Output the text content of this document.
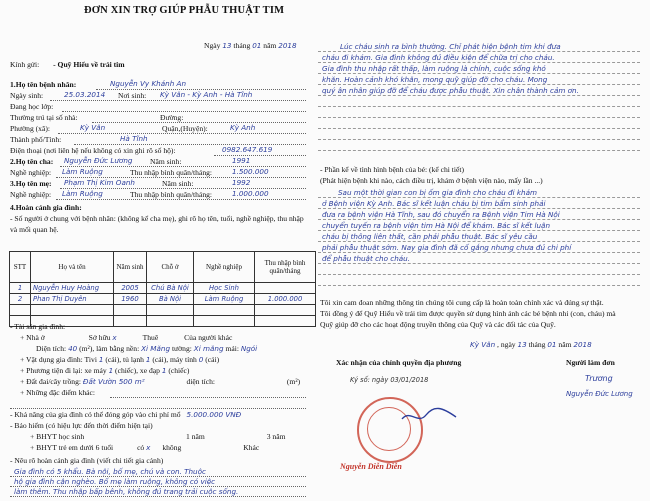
ĐƠN XIN TRỢ GIÚP PHẪU THUẬT TIM
Ngày 13 tháng 01 năm 2018
Kính gửi: - Quỹ Hiểu về trái tim
1.Họ tên bệnh nhân:	Nguyễn Vy Khánh An
Ngày sinh:	25.03.2014 Nơi sinh: Kỳ Văn - Kỳ Anh - Hà Tĩnh
Đang học lớp:
Thường trú tại số nhà:	Đường:
Phường (xã):	Kỳ Văn	Quận,(Huyện):	Kỳ Anh
Thành phố/Tỉnh:	Hà Tĩnh
Điện thoại (nơi liên hệ nếu không có xin ghi rõ số hộ):	0982.647.619
2.Họ tên cha: Nguyễn Đức Lương Năm sinh:	1991
Nghề nghiệp: Làm Ruộng	Thu nhập bình quân/tháng:	1.500.000
3.Họ tên mẹ: Phạm Thị Kim Oanh	Năm sinh:	1992
Nghề nghiệp: Làm Ruộng	Thu nhập bình quân/tháng:	1.000.000
4.Hoàn cảnh gia đình:
- Số người ở chung với bệnh nhân: (không kể cha mẹ), ghi rõ họ tên, tuổi, nghề nghiệp, thu nhập
và mối quan hệ.
STT	Họ và tên	Năm sinh	Chỗ ở	Nghề nghiệp	Thu nhập bình quân/tháng
1	Nguyễn Huy Hoàng	2005	Chú Bà Nội	Học Sinh	
2	Phan Thị Duyên	1960	Bà Nội	Làm Ruộng	1.000.000

- Tài sản gia đình:
+ Nhà ở	Sở hữu x	Thuê	Của người khác
Diện tích: 40 (m²), làm bằng nền: Xi Măng tường: Xi măng mái: Ngói
+ Vật dụng gia đình: Tivi 1 (cái), tủ lạnh 1 (cái), máy tính 0 (cái)
+ Phương tiện đi lại: xe máy 1 (chiếc), xe đạp 1 (chiếc)
+ Đất đai/cây trồng: Đất Vườn 500 m²	diện tích:	(m²)
+ Những đặc điểm khác:
- Khả năng của gia đình có thể đóng góp vào chi phí mổ 5.000.000 VNĐ
- Bảo hiểm (có hiệu lực đến thời điểm hiện tại)
+ BHYT học sinh	1 năm	3 năm
+ BHYT trẻ em dưới 6 tuổi	có x không	Khác
- Nêu rõ hoàn cảnh gia đình (viết chi tiết gia cảnh)
Gia đình có 5 khẩu. Bà nội, bố mẹ, chú và con. Thuộc
hộ gia đình cận nghèo. Bố mẹ làm ruộng, không có việc
làm thêm. Thu nhập bấp bênh, không đủ trang trải cuộc sống.
Lúc cháu sinh ra bình thường. Chỉ phát hiện bệnh tim khi đưa
cháu đi khám. Gia đình không đủ điều kiện để chữa trị cho cháu.
Gia đình thu nhập rất thấp, làm ruộng là chính, cuộc sống khó
khăn. Hoàn cảnh khó khăn, mong quỹ giúp đỡ cho cháu. Mong
quý ân nhân giúp đỡ để cháu được phẫu thuật. Xin chân thành cảm ơn.
- Phần kể về tình hình bệnh của bé: (kể chi tiết)
(Phát hiện bệnh khi nào, cách điều trị, khám ở bệnh viện nào, mấy lần ...)
Sau một thời gian con bị ốm gia đình cho cháu đi khám
ở Bệnh viện Kỳ Anh. Bác sĩ kết luận cháu bị tim bẩm sinh phải
đưa ra bệnh viện Hà Tĩnh, sau đó chuyển ra Bệnh viện Tim Hà Nội
chuyển tuyến ra bệnh viện tim Hà Nội để khám. Bác sĩ kết luận
cháu bị thông liên thất, cần phải phẫu thuật. Bác sĩ yêu cầu
phải phẫu thuật sớm. Nay gia đình đã cố gắng nhưng chưa đủ chi phí
để phẫu thuật cho cháu.
Tôi xin cam đoan những thông tin chúng tôi cung cấp là hoàn toàn chính xác và đúng sự thật.
Tôi đồng ý để Quỹ Hiểu về trái tim được quyền sử dụng hình ảnh các bé bệnh nhi (con, cháu) mà
Quỹ giúp đỡ cho các hoạt động truyền thông của Quỹ và các đối tác của Quỹ.
Kỳ Văn , ngày 13 tháng 01 năm 2018
Xác nhận của chính quyền địa phương	Người làm đơn
Ký số: ngày 03/01/2018	Trương
Nguyễn Đức Lương
Nguyễn Diễn Diễn
